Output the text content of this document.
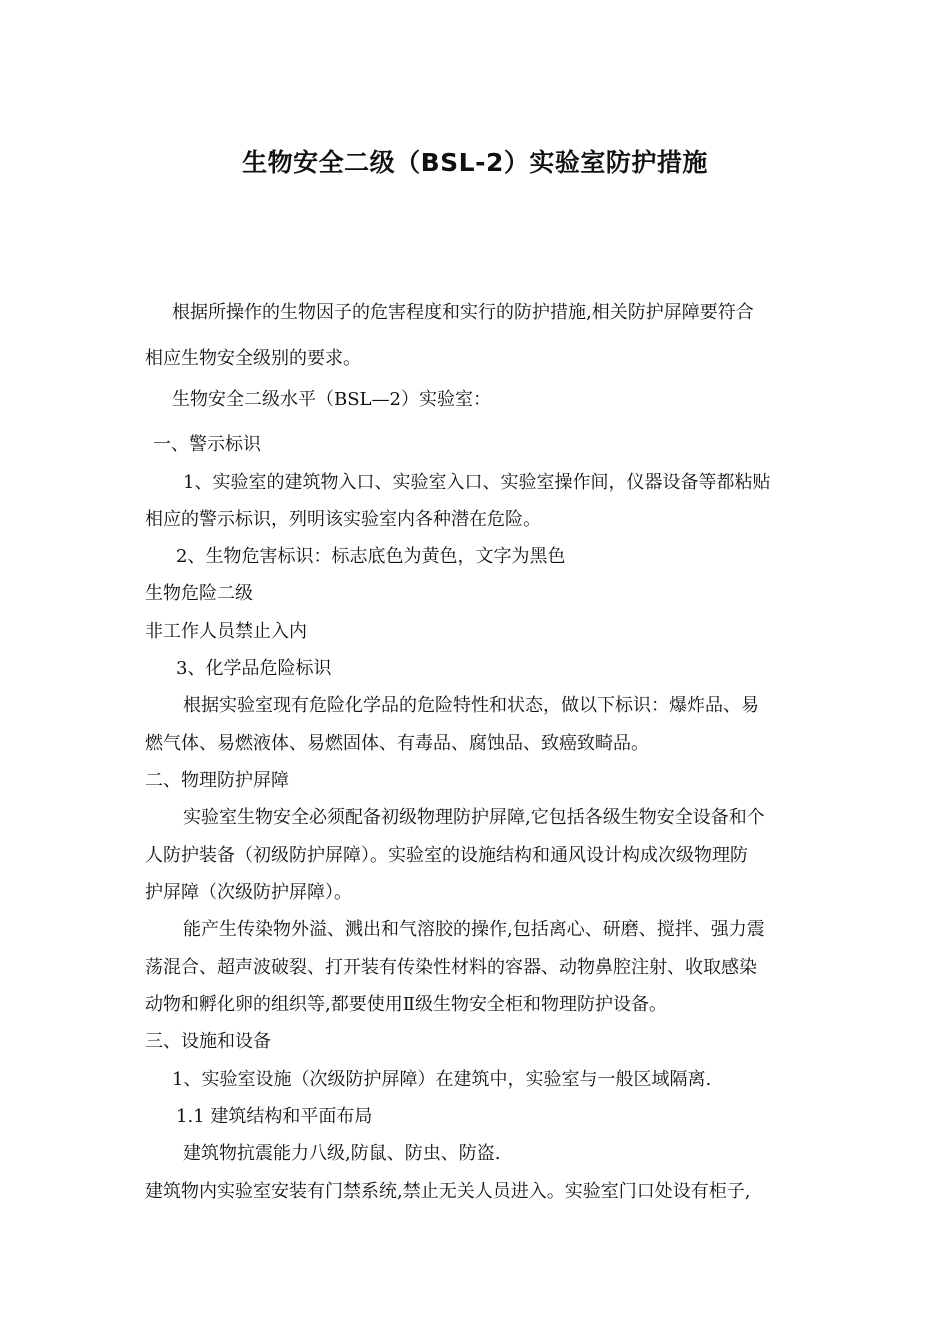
生物安全二级（BSL-2）实验室防护措施
根据所操作的生物因子的危害程度和实行的防护措施,相关防护屏障要符合
相应生物安全级别的要求。
生物安全二级水平（BSL—2）实验室：
一、警示标识
1、实验室的建筑物入口、实验室入口、实验室操作间，仪器设备等都粘贴
相应的警示标识，列明该实验室内各种潜在危险。
2、生物危害标识：标志底色为黄色，文字为黑色
生物危险二级
非工作人员禁止入内
3、化学品危险标识
根据实验室现有危险化学品的危险特性和状态，做以下标识：爆炸品、易
燃气体、易燃液体、易燃固体、有毒品、腐蚀品、致癌致畸品。
二、物理防护屏障
实验室生物安全必须配备初级物理防护屏障,它包括各级生物安全设备和个
人防护装备（初级防护屏障）。实验室的设施结构和通风设计构成次级物理防
护屏障（次级防护屏障）。
能产生传染物外溢、溅出和气溶胶的操作,包括离心、研磨、搅拌、强力震
荡混合、超声波破裂、打开装有传染性材料的容器、动物鼻腔注射、收取感染
动物和孵化卵的组织等,都要使用Ⅱ级生物安全柜和物理防护设备。
三、设施和设备
1、实验室设施（次级防护屏障）在建筑中，实验室与一般区域隔离.
1.1 建筑结构和平面布局
建筑物抗震能力八级,防鼠、防虫、防盗.
建筑物内实验室安装有门禁系统,禁止无关人员进入。实验室门口处设有柜子,
